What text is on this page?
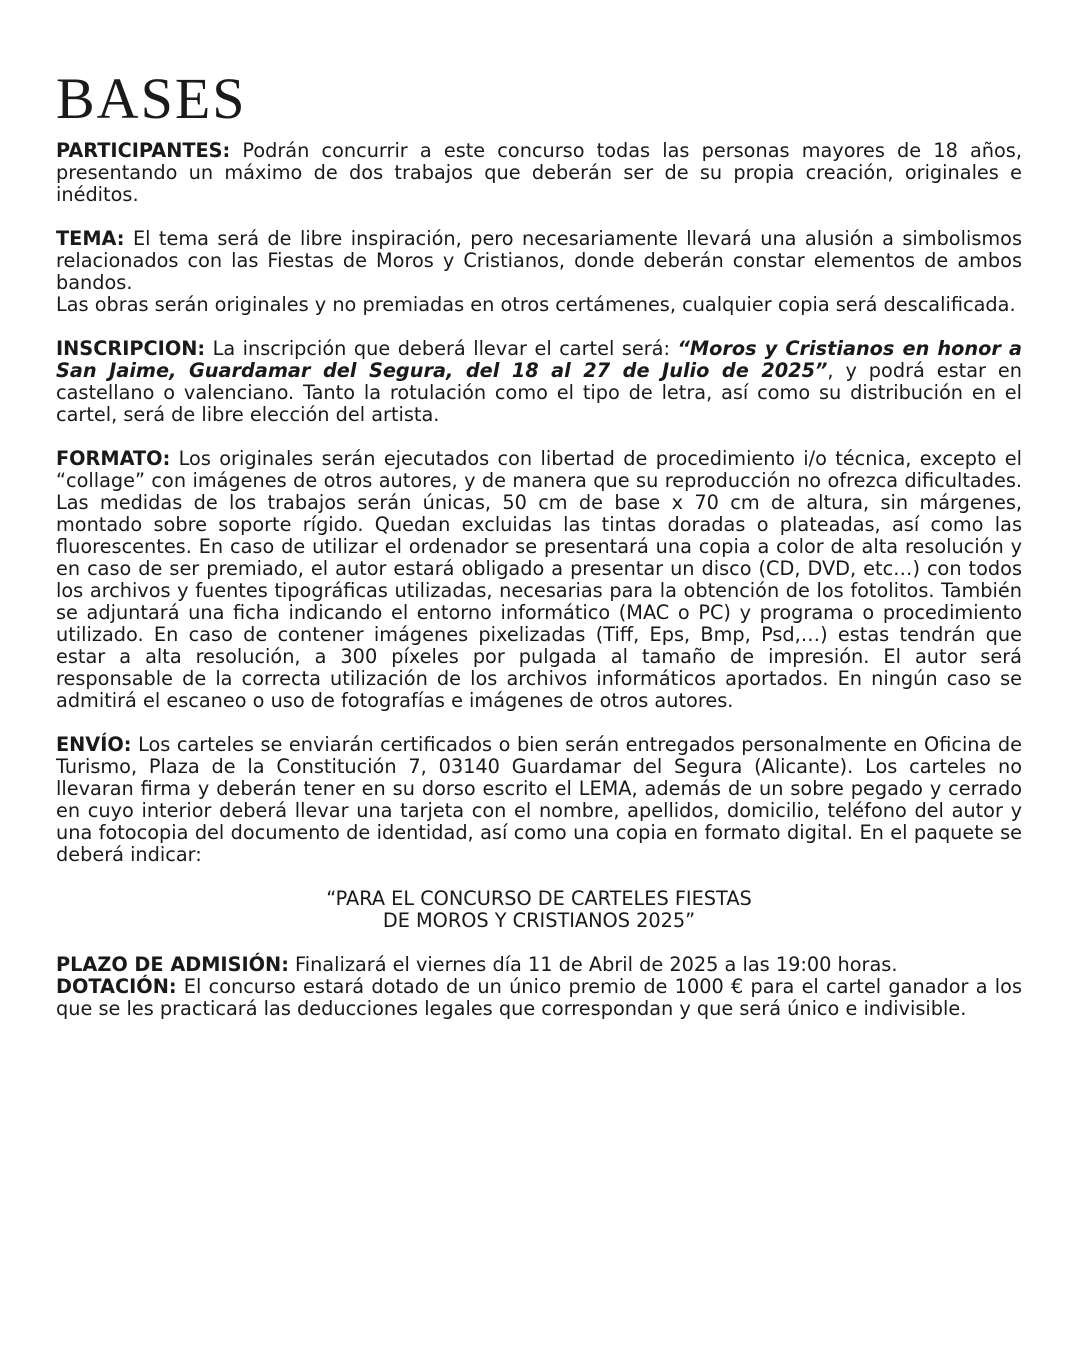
BASES

PARTICIPANTES: Podrán concurrir a este concurso todas las personas mayores de 18 años, presentando un máximo de dos trabajos que deberán ser de su propia creación, originales e inéditos.

TEMA: El tema será de libre inspiración, pero necesariamente llevará una alusión a simbolismos relacionados con las Fiestas de Moros y Cristianos, donde deberán constar elementos de ambos bandos.

Las obras serán originales y no premiadas en otros certámenes, cualquier copia será descalificada.

INSCRIPCION: La inscripción que deberá llevar el cartel será: “Moros y Cristianos en honor a San Jaime, Guardamar del Segura, del 18 al 27 de Julio de 2025”, y podrá estar en castellano o valenciano. Tanto la rotulación como el tipo de letra, así como su distribución en el cartel, será de libre elección del artista.

FORMATO: Los originales serán ejecutados con libertad de procedimiento i/o técnica, excepto el “collage” con imágenes de otros autores, y de manera que su reproducción no ofrezca dificultades. Las medidas de los trabajos serán únicas, 50 cm de base x 70 cm de altura, sin márgenes, montado sobre soporte rígido. Quedan excluidas las tintas doradas o plateadas, así como las fluorescentes. En caso de utilizar el ordenador se presentará una copia a color de alta resolución y en caso de ser premiado, el autor estará obligado a presentar un disco (CD, DVD, etc…) con todos los archivos y fuentes tipográficas utilizadas, necesarias para la obtención de los fotolitos. También se adjuntará una ficha indicando el entorno informático (MAC o PC) y programa o procedimiento utilizado. En caso de contener imágenes pixelizadas (Tiff, Eps, Bmp, Psd,…) estas tendrán que estar a alta resolución, a 300 píxeles por pulgada al tamaño de impresión. El autor será responsable de la correcta utilización de los archivos informáticos aportados. En ningún caso se admitirá el escaneo o uso de fotografías e imágenes de otros autores.

ENVÍO: Los carteles se enviarán certificados o bien serán entregados personalmente en Oficina de Turismo, Plaza de la Constitución 7, 03140 Guardamar del Segura (Alicante). Los carteles no llevaran firma y deberán tener en su dorso escrito el LEMA, además de un sobre pegado y cerrado en cuyo interior deberá llevar una tarjeta con el nombre, apellidos, domicilio, teléfono del autor y una fotocopia del documento de identidad, así como una copia en formato digital. En el paquete se deberá indicar:

“PARA EL CONCURSO DE CARTELES FIESTAS
DE MOROS Y CRISTIANOS 2025”

PLAZO DE ADMISIÓN: Finalizará el viernes día 11 de Abril de 2025 a las 19:00 horas.

DOTACIÓN: El concurso estará dotado de un único premio de 1000 € para el cartel ganador a los que se les practicará las deducciones legales que correspondan y que será único e indivisible.
